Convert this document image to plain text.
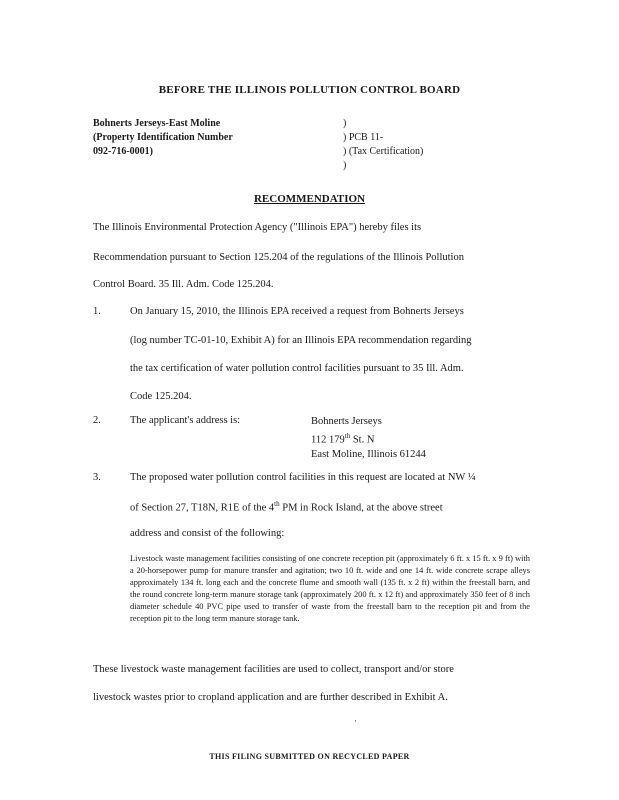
BEFORE THE ILLINOIS POLLUTION CONTROL BOARD
Bohnerts Jerseys-East Moline
(Property Identification Number
092-716-0001)
)
) PCB 11-
) (Tax Certification)
)
RECOMMENDATION
The Illinois Environmental Protection Agency ("Illinois EPA") hereby files its
Recommendation pursuant to Section 125.204 of the regulations of the Illinois Pollution
Control Board. 35 Ill. Adm. Code 125.204.
1.	On January 15, 2010, the Illinois EPA received a request from Bohnerts Jerseys
(log number TC-01-10, Exhibit A) for an Illinois EPA recommendation regarding
the tax certification of water pollution control facilities pursuant to 35 Ill. Adm.
Code 125.204.
2.	The applicant's address is:	Bohnerts Jerseys
112 179th St. N
East Moline, Illinois 61244
3.	The proposed water pollution control facilities in this request are located at NW ¼
of Section 27, T18N, R1E of the 4th PM in Rock Island, at the above street
address and consist of the following:
Livestock waste management facilities consisting of one concrete reception pit (approximately 6 ft. x 15 ft. x 9 ft) with a 20-horsepower pump for manure transfer and agitation; two 10 ft. wide and one 14 ft. wide concrete scrape alleys approximately 134 ft. long each and the concrete flume and smooth wall (135 ft. x 2 ft) within the freestall barn, and the round concrete long-term manure storage tank (approximately 200 ft. x 12 ft) and approximately 350 feet of 8 inch diameter schedule 40 PVC pipe used to transfer of waste from the freestall barn to the reception pit and from the reception pit to the long term manure storage tank.
These livestock waste management facilities are used to collect, transport and/or store
livestock wastes prior to cropland application and are further described in Exhibit A.
·
THIS FILING SUBMITTED ON RECYCLED PAPER
